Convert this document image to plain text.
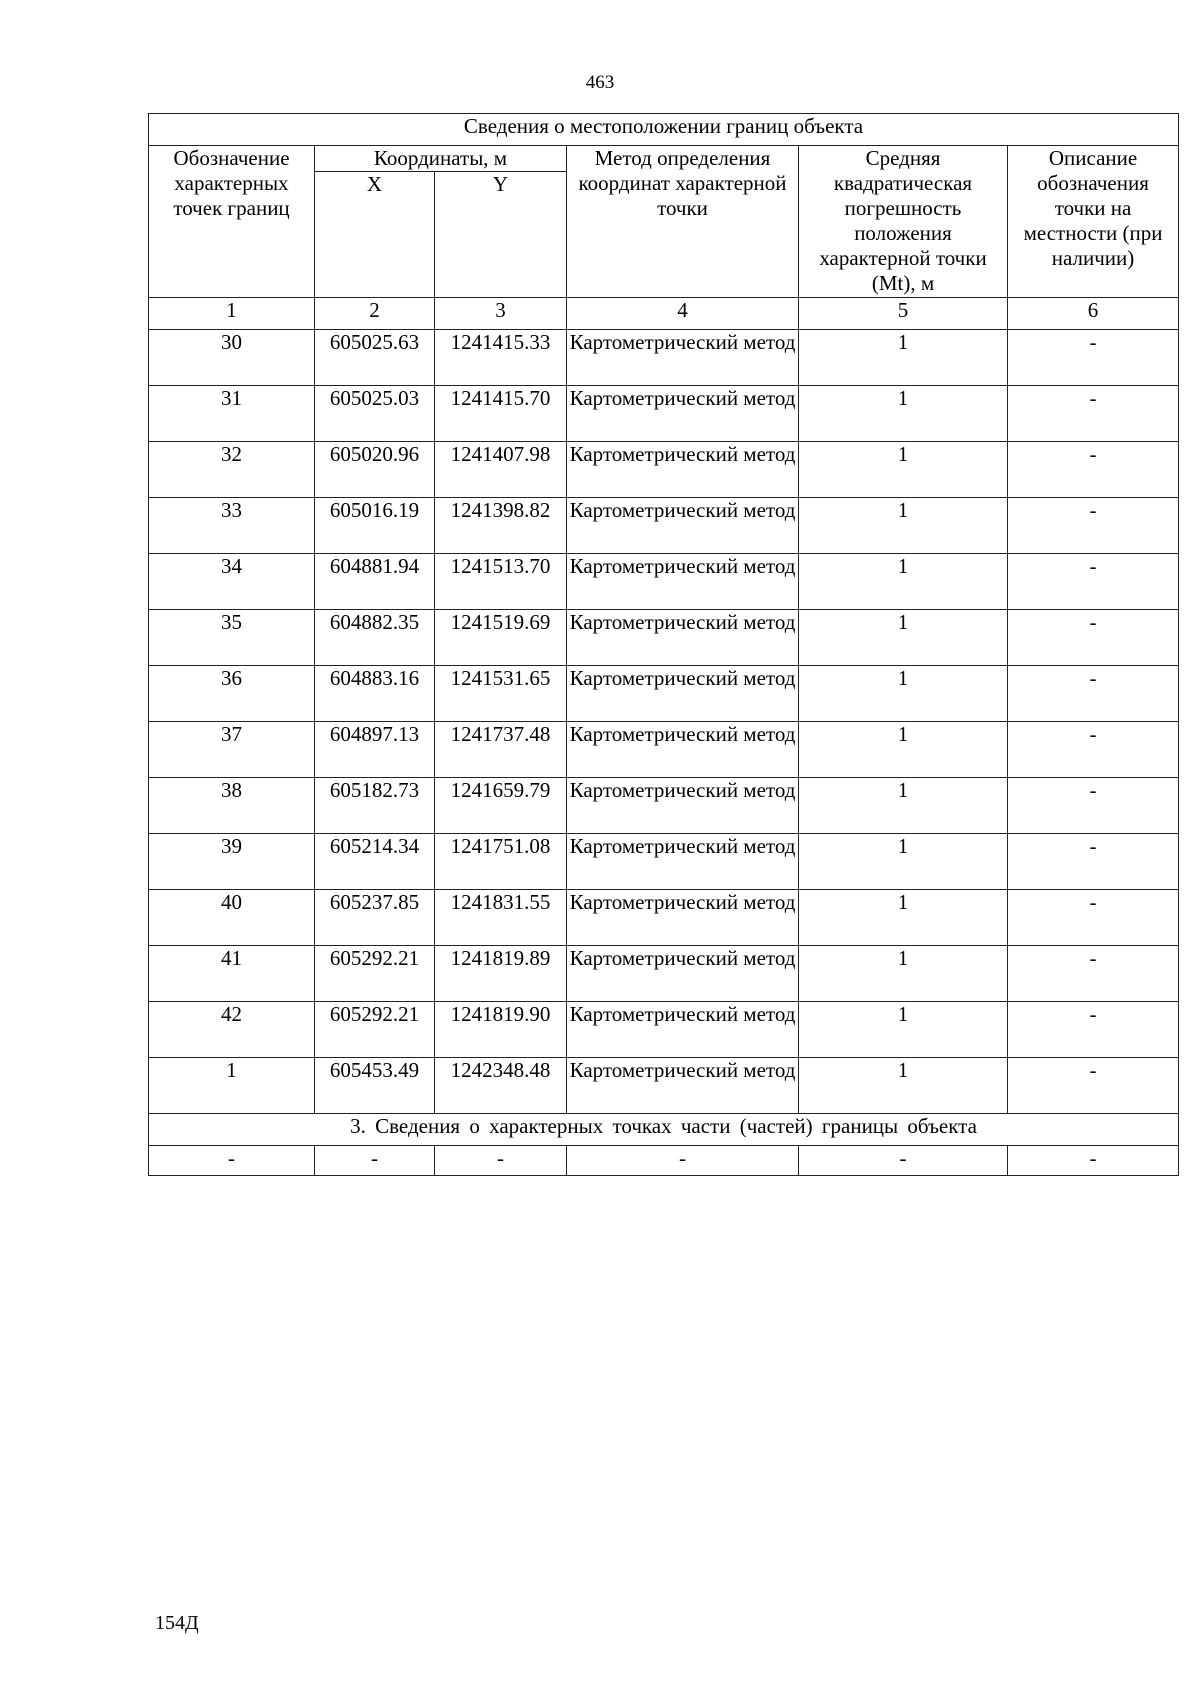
463
Сведения о местоположении границ объекта					
Обозначение характерных точек границ	Координаты, м		Метод определения координат характерной точки	Средняя квадратическая погрешность положения характерной точки (Mt), м	Описание обозначения точки на местности (при наличии)
	X	Y			
1	2	3	4	5	6
30	605025.63	1241415.33	Картометрический метод	1	-
31	605025.03	1241415.70	Картометрический метод	1	-
32	605020.96	1241407.98	Картометрический метод	1	-
33	605016.19	1241398.82	Картометрический метод	1	-
34	604881.94	1241513.70	Картометрический метод	1	-
35	604882.35	1241519.69	Картометрический метод	1	-
36	604883.16	1241531.65	Картометрический метод	1	-
37	604897.13	1241737.48	Картометрический метод	1	-
38	605182.73	1241659.79	Картометрический метод	1	-
39	605214.34	1241751.08	Картометрический метод	1	-
40	605237.85	1241831.55	Картометрический метод	1	-
41	605292.21	1241819.89	Картометрический метод	1	-
42	605292.21	1241819.90	Картометрический метод	1	-
1	605453.49	1242348.48	Картометрический метод	1	-
3. Сведения о характерных точках части (частей) границы объекта					
-	-	-	-	-	-
154Д
